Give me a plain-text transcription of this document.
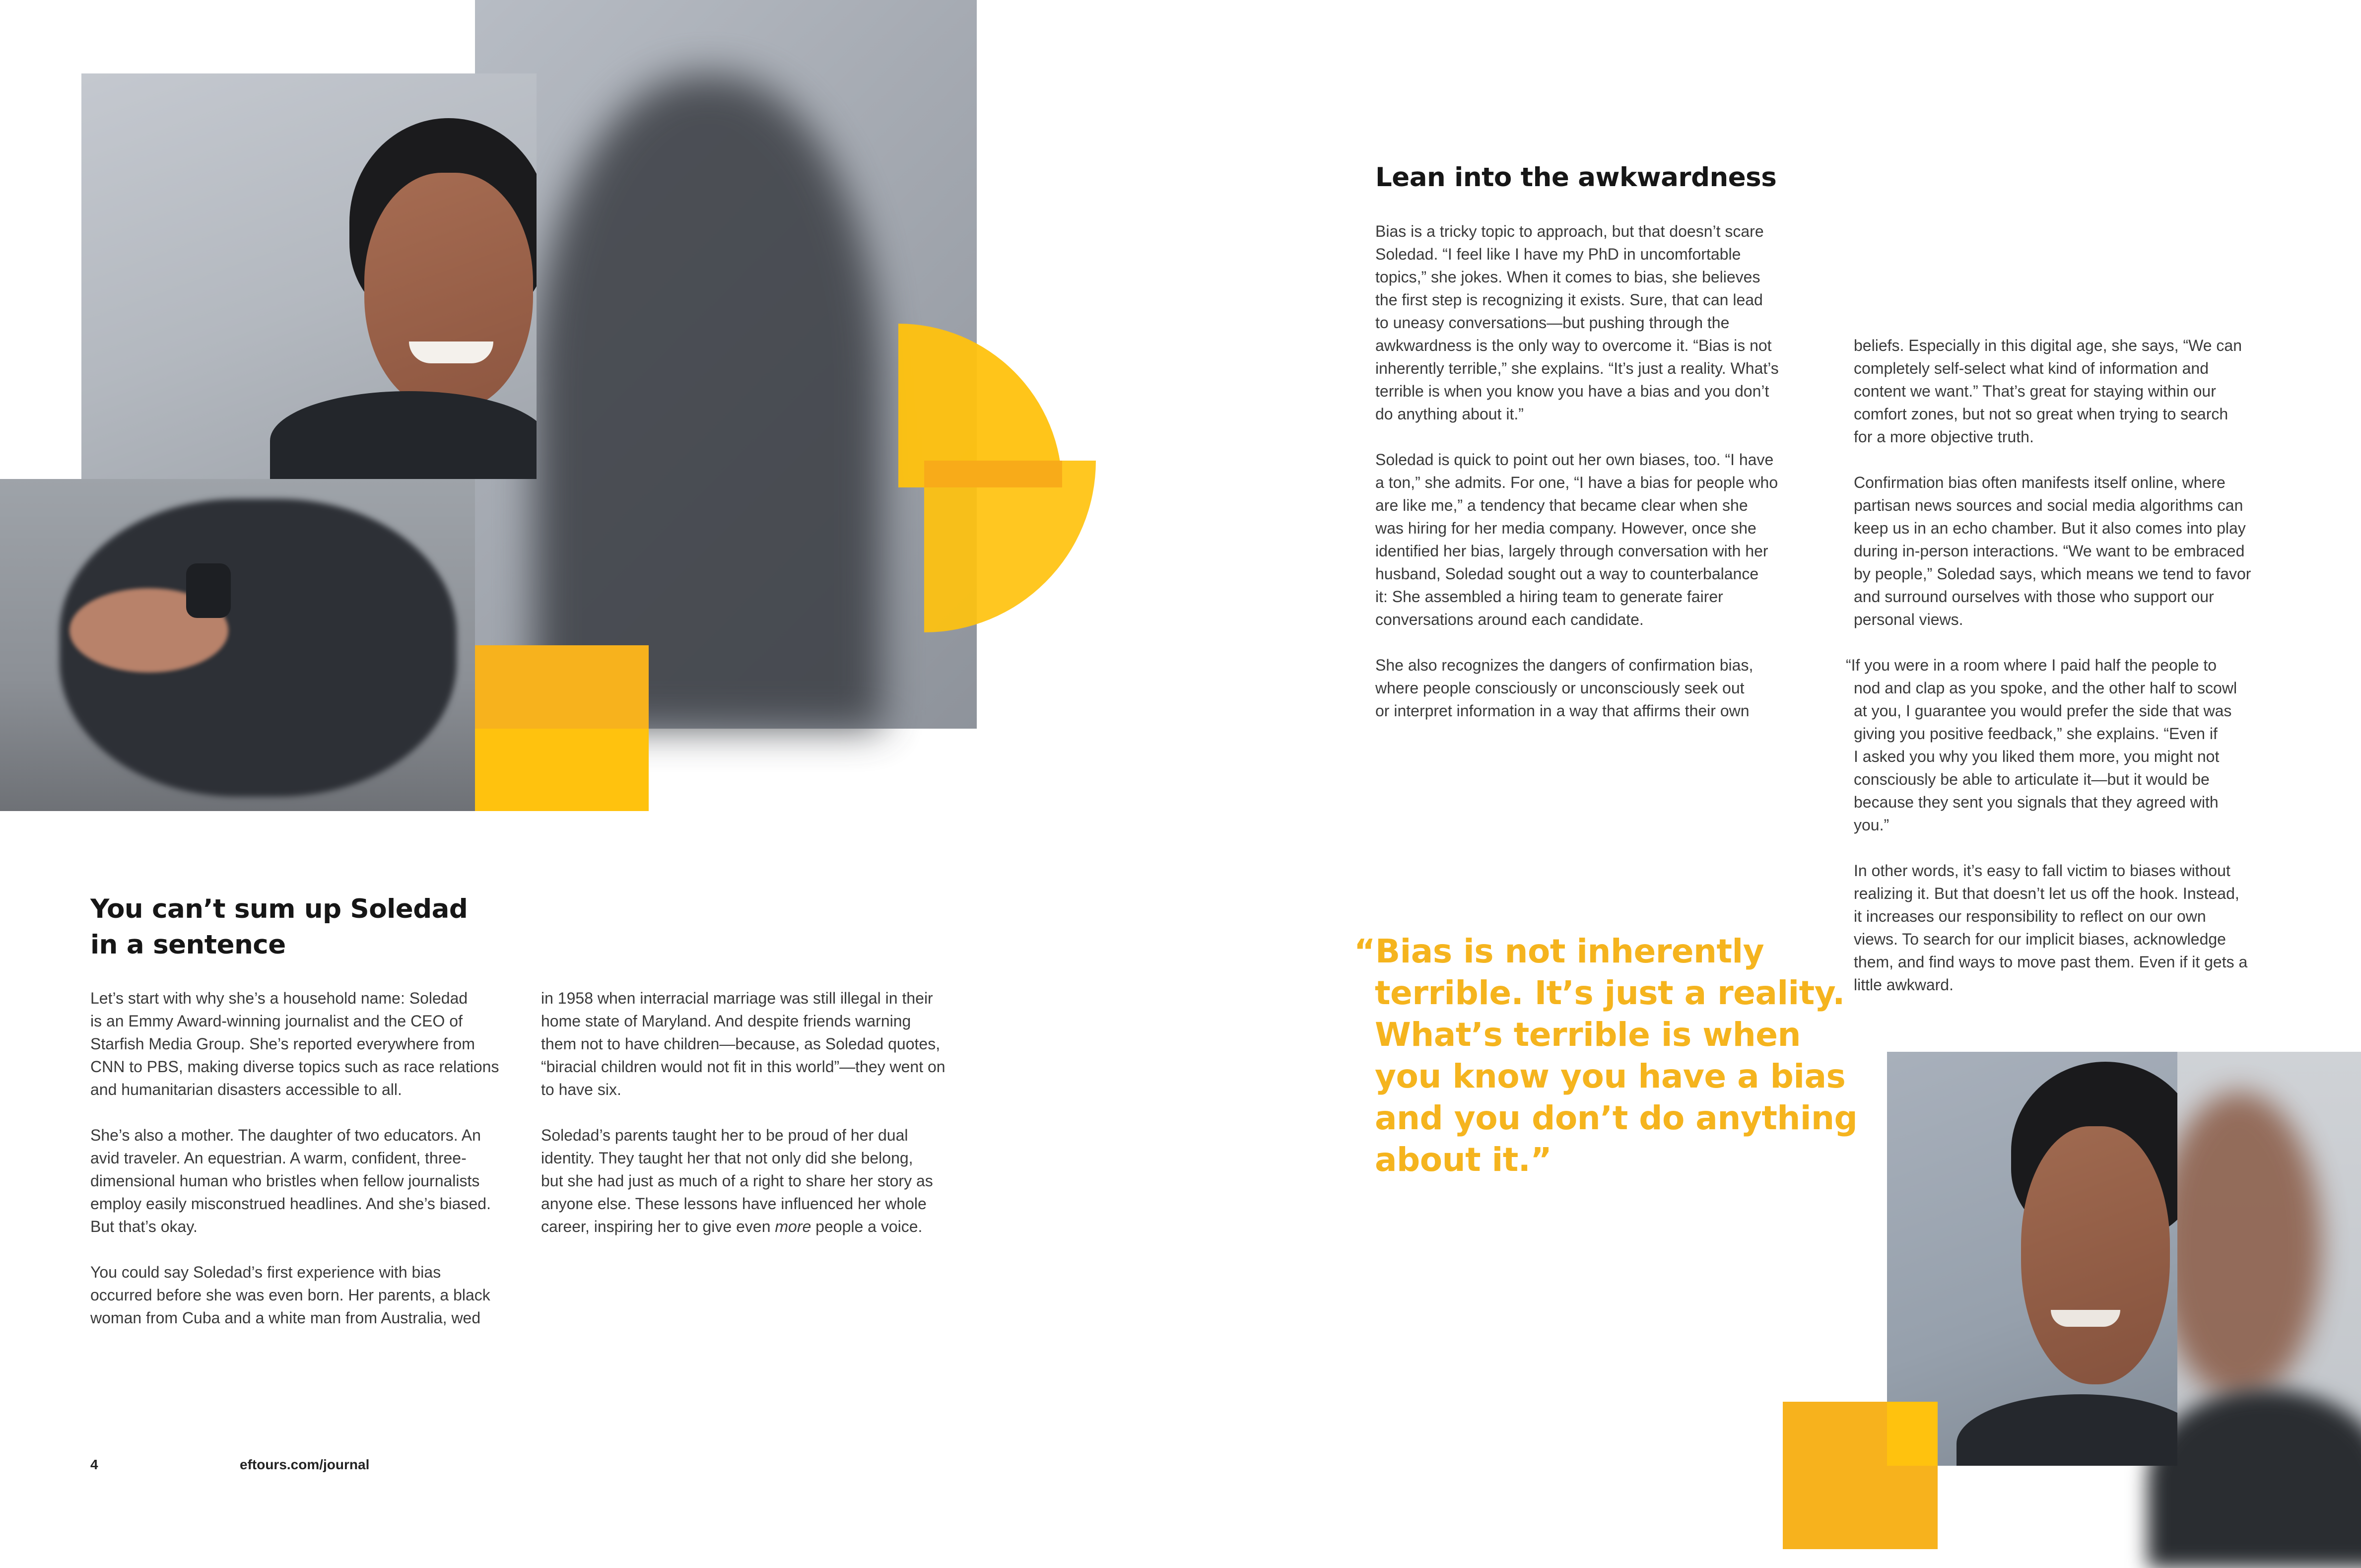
You can’t sum up Soledad
in a sentence

Let’s start with why she’s a household name: Soledad
is an Emmy Award-winning journalist and the CEO of
Starfish Media Group. She’s reported everywhere from
CNN to PBS, making diverse topics such as race relations
and humanitarian disasters accessible to all.

She’s also a mother. The daughter of two educators. An
avid traveler. An equestrian. A warm, confident, three-
dimensional human who bristles when fellow journalists
employ easily misconstrued headlines. And she’s biased.
But that’s okay.

You could say Soledad’s first experience with bias
occurred before she was even born. Her parents, a black
woman from Cuba and a white man from Australia, wed

in 1958 when interracial marriage was still illegal in their
home state of Maryland. And despite friends warning
them not to have children—because, as Soledad quotes,
“biracial children would not fit in this world”—they went on
to have six.

Soledad’s parents taught her to be proud of her dual
identity. They taught her that not only did she belong,
but she had just as much of a right to share her story as
anyone else. These lessons have influenced her whole
career, inspiring her to give even more people a voice.

4	eftours.com/journal
Lean into the awkwardness

Bias is a tricky topic to approach, but that doesn’t scare
Soledad. “I feel like I have my PhD in uncomfortable
topics,” she jokes. When it comes to bias, she believes
the first step is recognizing it exists. Sure, that can lead
to uneasy conversations—but pushing through the
awkwardness is the only way to overcome it. “Bias is not
inherently terrible,” she explains. “It’s just a reality. What’s
terrible is when you know you have a bias and you don’t
do anything about it.”

Soledad is quick to point out her own biases, too. “I have
a ton,” she admits. For one, “I have a bias for people who
are like me,” a tendency that became clear when she
was hiring for her media company. However, once she
identified her bias, largely through conversation with her
husband, Soledad sought out a way to counterbalance
it: She assembled a hiring team to generate fairer
conversations around each candidate.

She also recognizes the dangers of confirmation bias,
where people consciously or unconsciously seek out
or interpret information in a way that affirms their own

beliefs. Especially in this digital age, she says, “We can
completely self-select what kind of information and
content we want.” That’s great for staying within our
comfort zones, but not so great when trying to search
for a more objective truth.

Confirmation bias often manifests itself online, where
partisan news sources and social media algorithms can
keep us in an echo chamber. But it also comes into play
during in-person interactions. “We want to be embraced
by people,” Soledad says, which means we tend to favor
and surround ourselves with those who support our
personal views.

“If you were in a room where I paid half the people to
nod and clap as you spoke, and the other half to scowl
at you, I guarantee you would prefer the side that was
giving you positive feedback,” she explains. “Even if
I asked you why you liked them more, you might not
consciously be able to articulate it—but it would be
because they sent you signals that they agreed with
you.”

In other words, it’s easy to fall victim to biases without
realizing it. But that doesn’t let us off the hook. Instead,
it increases our responsibility to reflect on our own
views. To search for our implicit biases, acknowledge
them, and find ways to move past them. Even if it gets a
little awkward.

“Bias is not inherently
terrible. It’s just a reality.
What’s terrible is when
you know you have a bias
and you don’t do anything
about it.”
